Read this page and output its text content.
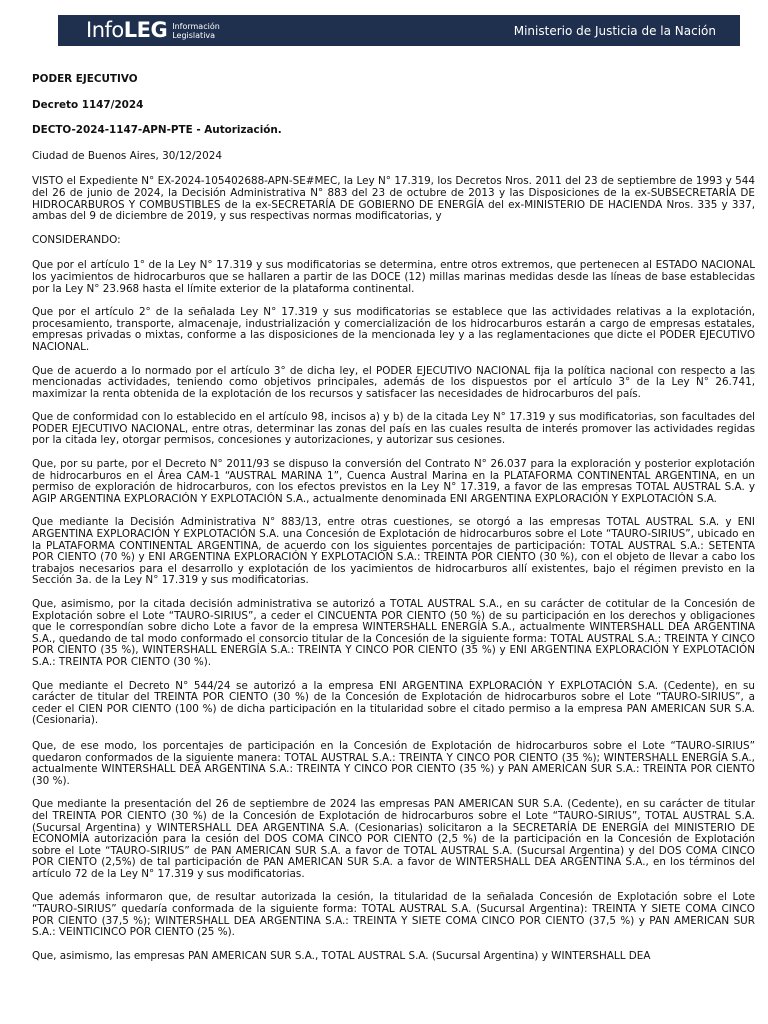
InfoLEG Información
Legislativa	Ministerio de Justicia de la Nación

PODER EJECUTIVO

Decreto 1147/2024

DECTO-2024-1147-APN-PTE - Autorización.

Ciudad de Buenos Aires, 30/12/2024

VISTO el Expediente N° EX-2024-105402688-APN-SE#MEC, la Ley N° 17.319, los Decretos Nros. 2011 del 23 de septiembre de 1993 y 544 del 26 de junio de 2024, la Decisión Administrativa N° 883 del 23 de octubre de 2013 y las Disposiciones de la ex-SUBSECRETARÍA DE HIDROCARBUROS Y COMBUSTIBLES de la ex-SECRETARÍA DE GOBIERNO DE ENERGÍA del ex-MINISTERIO DE HACIENDA Nros. 335 y 337, ambas del 9 de diciembre de 2019, y sus respectivas normas modificatorias, y

CONSIDERANDO:

Que por el artículo 1° de la Ley N° 17.319 y sus modificatorias se determina, entre otros extremos, que pertenecen al ESTADO NACIONAL los yacimientos de hidrocarburos que se hallaren a partir de las DOCE (12) millas marinas medidas desde las líneas de base establecidas por la Ley N° 23.968 hasta el límite exterior de la plataforma continental.

Que por el artículo 2° de la señalada Ley N° 17.319 y sus modificatorias se establece que las actividades relativas a la explotación, procesamiento, transporte, almacenaje, industrialización y comercialización de los hidrocarburos estarán a cargo de empresas estatales, empresas privadas o mixtas, conforme a las disposiciones de la mencionada ley y a las reglamentaciones que dicte el PODER EJECUTIVO NACIONAL.

Que de acuerdo a lo normado por el artículo 3° de dicha ley, el PODER EJECUTIVO NACIONAL fija la política nacional con respecto a las mencionadas actividades, teniendo como objetivos principales, además de los dispuestos por el artículo 3° de la Ley N° 26.741, maximizar la renta obtenida de la explotación de los recursos y satisfacer las necesidades de hidrocarburos del país.

Que de conformidad con lo establecido en el artículo 98, incisos a) y b) de la citada Ley N° 17.319 y sus modificatorias, son facultades del PODER EJECUTIVO NACIONAL, entre otras, determinar las zonas del país en las cuales resulta de interés promover las actividades regidas por la citada ley, otorgar permisos, concesiones y autorizaciones, y autorizar sus cesiones.

Que, por su parte, por el Decreto N° 2011/93 se dispuso la conversión del Contrato N° 26.037 para la exploración y posterior explotación de hidrocarburos en el Área CAM-1 “AUSTRAL MARINA 1”, Cuenca Austral Marina en la PLATAFORMA CONTINENTAL ARGENTINA, en un permiso de exploración de hidrocarburos, con los efectos previstos en la Ley N° 17.319, a favor de las empresas TOTAL AUSTRAL S.A. y AGIP ARGENTINA EXPLORACIÓN Y EXPLOTACIÓN S.A., actualmente denominada ENI ARGENTINA EXPLORACIÓN Y EXPLOTACIÓN S.A.

Que mediante la Decisión Administrativa N° 883/13, entre otras cuestiones, se otorgó a las empresas TOTAL AUSTRAL S.A. y ENI ARGENTINA EXPLORACIÓN Y EXPLOTACIÓN S.A. una Concesión de Explotación de hidrocarburos sobre el Lote “TAURO-SIRIUS”, ubicado en la PLATAFORMA CONTINENTAL ARGENTINA, de acuerdo con los siguientes porcentajes de participación: TOTAL AUSTRAL S.A.: SETENTA POR CIENTO (70 %) y ENI ARGENTINA EXPLORACIÓN Y EXPLOTACIÓN S.A.: TREINTA POR CIENTO (30 %), con el objeto de llevar a cabo los trabajos necesarios para el desarrollo y explotación de los yacimientos de hidrocarburos allí existentes, bajo el régimen previsto en la Sección 3a. de la Ley N° 17.319 y sus modificatorias.

Que, asimismo, por la citada decisión administrativa se autorizó a TOTAL AUSTRAL S.A., en su carácter de cotitular de la Concesión de Explotación sobre el Lote “TAURO-SIRIUS”, a ceder el CINCUENTA POR CIENTO (50 %) de su participación en los derechos y obligaciones que le correspondían sobre dicho Lote a favor de la empresa WINTERSHALL ENERGÍA S.A., actualmente WINTERSHALL DEA ARGENTINA S.A., quedando de tal modo conformado el consorcio titular de la Concesión de la siguiente forma: TOTAL AUSTRAL S.A.: TREINTA Y CINCO POR CIENTO (35 %), WINTERSHALL ENERGÍA S.A.: TREINTA Y CINCO POR CIENTO (35 %) y ENI ARGENTINA EXPLORACIÓN Y EXPLOTACIÓN S.A.: TREINTA POR CIENTO (30 %).

Que mediante el Decreto N° 544/24 se autorizó a la empresa ENI ARGENTINA EXPLORACIÓN Y EXPLOTACIÓN S.A. (Cedente), en su carácter de titular del TREINTA POR CIENTO (30 %) de la Concesión de Explotación de hidrocarburos sobre el Lote “TAURO-SIRIUS”, a ceder el CIEN POR CIENTO (100 %) de dicha participación en la titularidad sobre el citado permiso a la empresa PAN AMERICAN SUR S.A. (Cesionaria).

Que, de ese modo, los porcentajes de participación en la Concesión de Explotación de hidrocarburos sobre el Lote “TAURO-SIRIUS” quedaron conformados de la siguiente manera: TOTAL AUSTRAL S.A.: TREINTA Y CINCO POR CIENTO (35 %); WINTERSHALL ENERGÍA S.A., actualmente WINTERSHALL DEA ARGENTINA S.A.: TREINTA Y CINCO POR CIENTO (35 %) y PAN AMERICAN SUR S.A.: TREINTA POR CIENTO (30 %).

Que mediante la presentación del 26 de septiembre de 2024 las empresas PAN AMERICAN SUR S.A. (Cedente), en su carácter de titular del TREINTA POR CIENTO (30 %) de la Concesión de Explotación de hidrocarburos sobre el Lote “TAURO-SIRIUS”, TOTAL AUSTRAL S.A. (Sucursal Argentina) y WINTERSHALL DEA ARGENTINA S.A. (Cesionarias) solicitaron a la SECRETARÍA DE ENERGÍA del MINISTERIO DE ECONOMÍA autorización para la cesión del DOS COMA CINCO POR CIENTO (2,5 %) de la participación en la Concesión de Explotación sobre el Lote “TAURO-SIRIUS” de PAN AMERICAN SUR S.A. a favor de TOTAL AUSTRAL S.A. (Sucursal Argentina) y del DOS COMA CINCO POR CIENTO (2,5%) de tal participación de PAN AMERICAN SUR S.A. a favor de WINTERSHALL DEA ARGENTINA S.A., en los términos del artículo 72 de la Ley N° 17.319 y sus modificatorias.

Que además informaron que, de resultar autorizada la cesión, la titularidad de la señalada Concesión de Explotación sobre el Lote “TAURO-SIRIUS” quedaría conformada de la siguiente forma: TOTAL AUSTRAL S.A. (Sucursal Argentina): TREINTA Y SIETE COMA CINCO POR CIENTO (37,5 %); WINTERSHALL DEA ARGENTINA S.A.: TREINTA Y SIETE COMA CINCO POR CIENTO (37,5 %) y PAN AMERICAN SUR S.A.: VEINTICINCO POR CIENTO (25 %).

Que, asimismo, las empresas PAN AMERICAN SUR S.A., TOTAL AUSTRAL S.A. (Sucursal Argentina) y WINTERSHALL DEA
